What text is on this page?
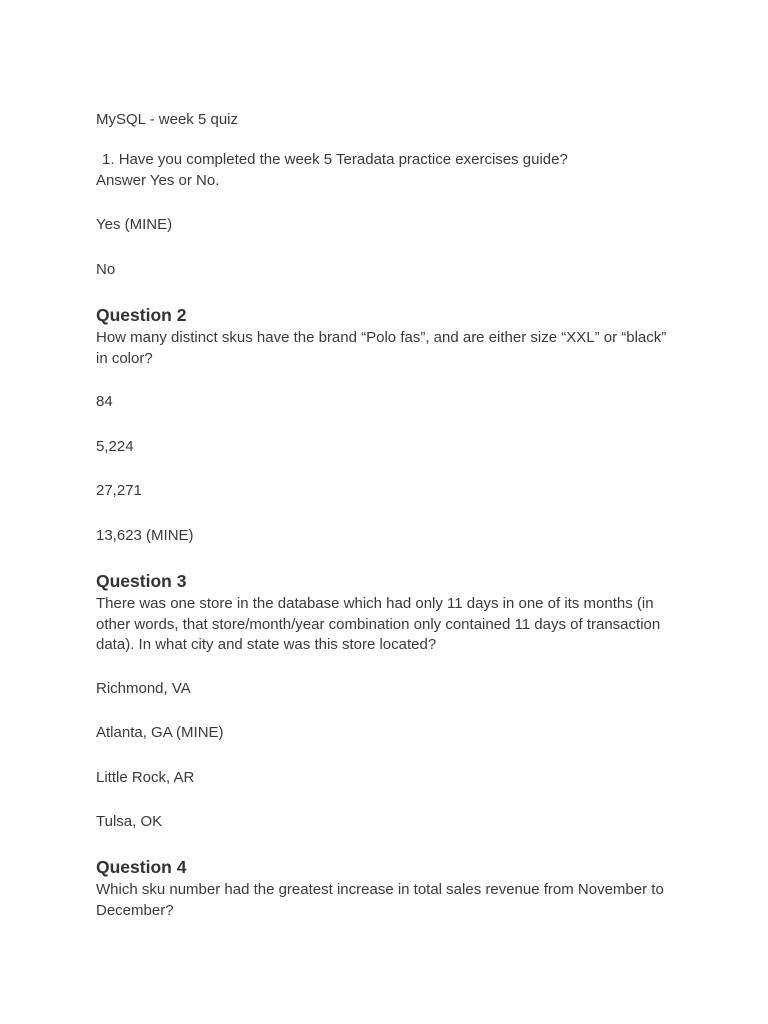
MySQL - week 5 quiz

1. Have you completed the week 5 Teradata practice exercises guide?

Answer Yes or No.

Yes (MINE)

No

Question 2

How many distinct skus have the brand “Polo fas”, and are either size “XXL” or “black” in color?

84

5,224

27,271

13,623 (MINE)

Question 3

There was one store in the database which had only 11 days in one of its months (in other words, that store/month/year combination only contained 11 days of transaction data). In what city and state was this store located?

Richmond, VA

Atlanta, GA (MINE)

Little Rock, AR

Tulsa, OK

Question 4

Which sku number had the greatest increase in total sales revenue from November to December?
